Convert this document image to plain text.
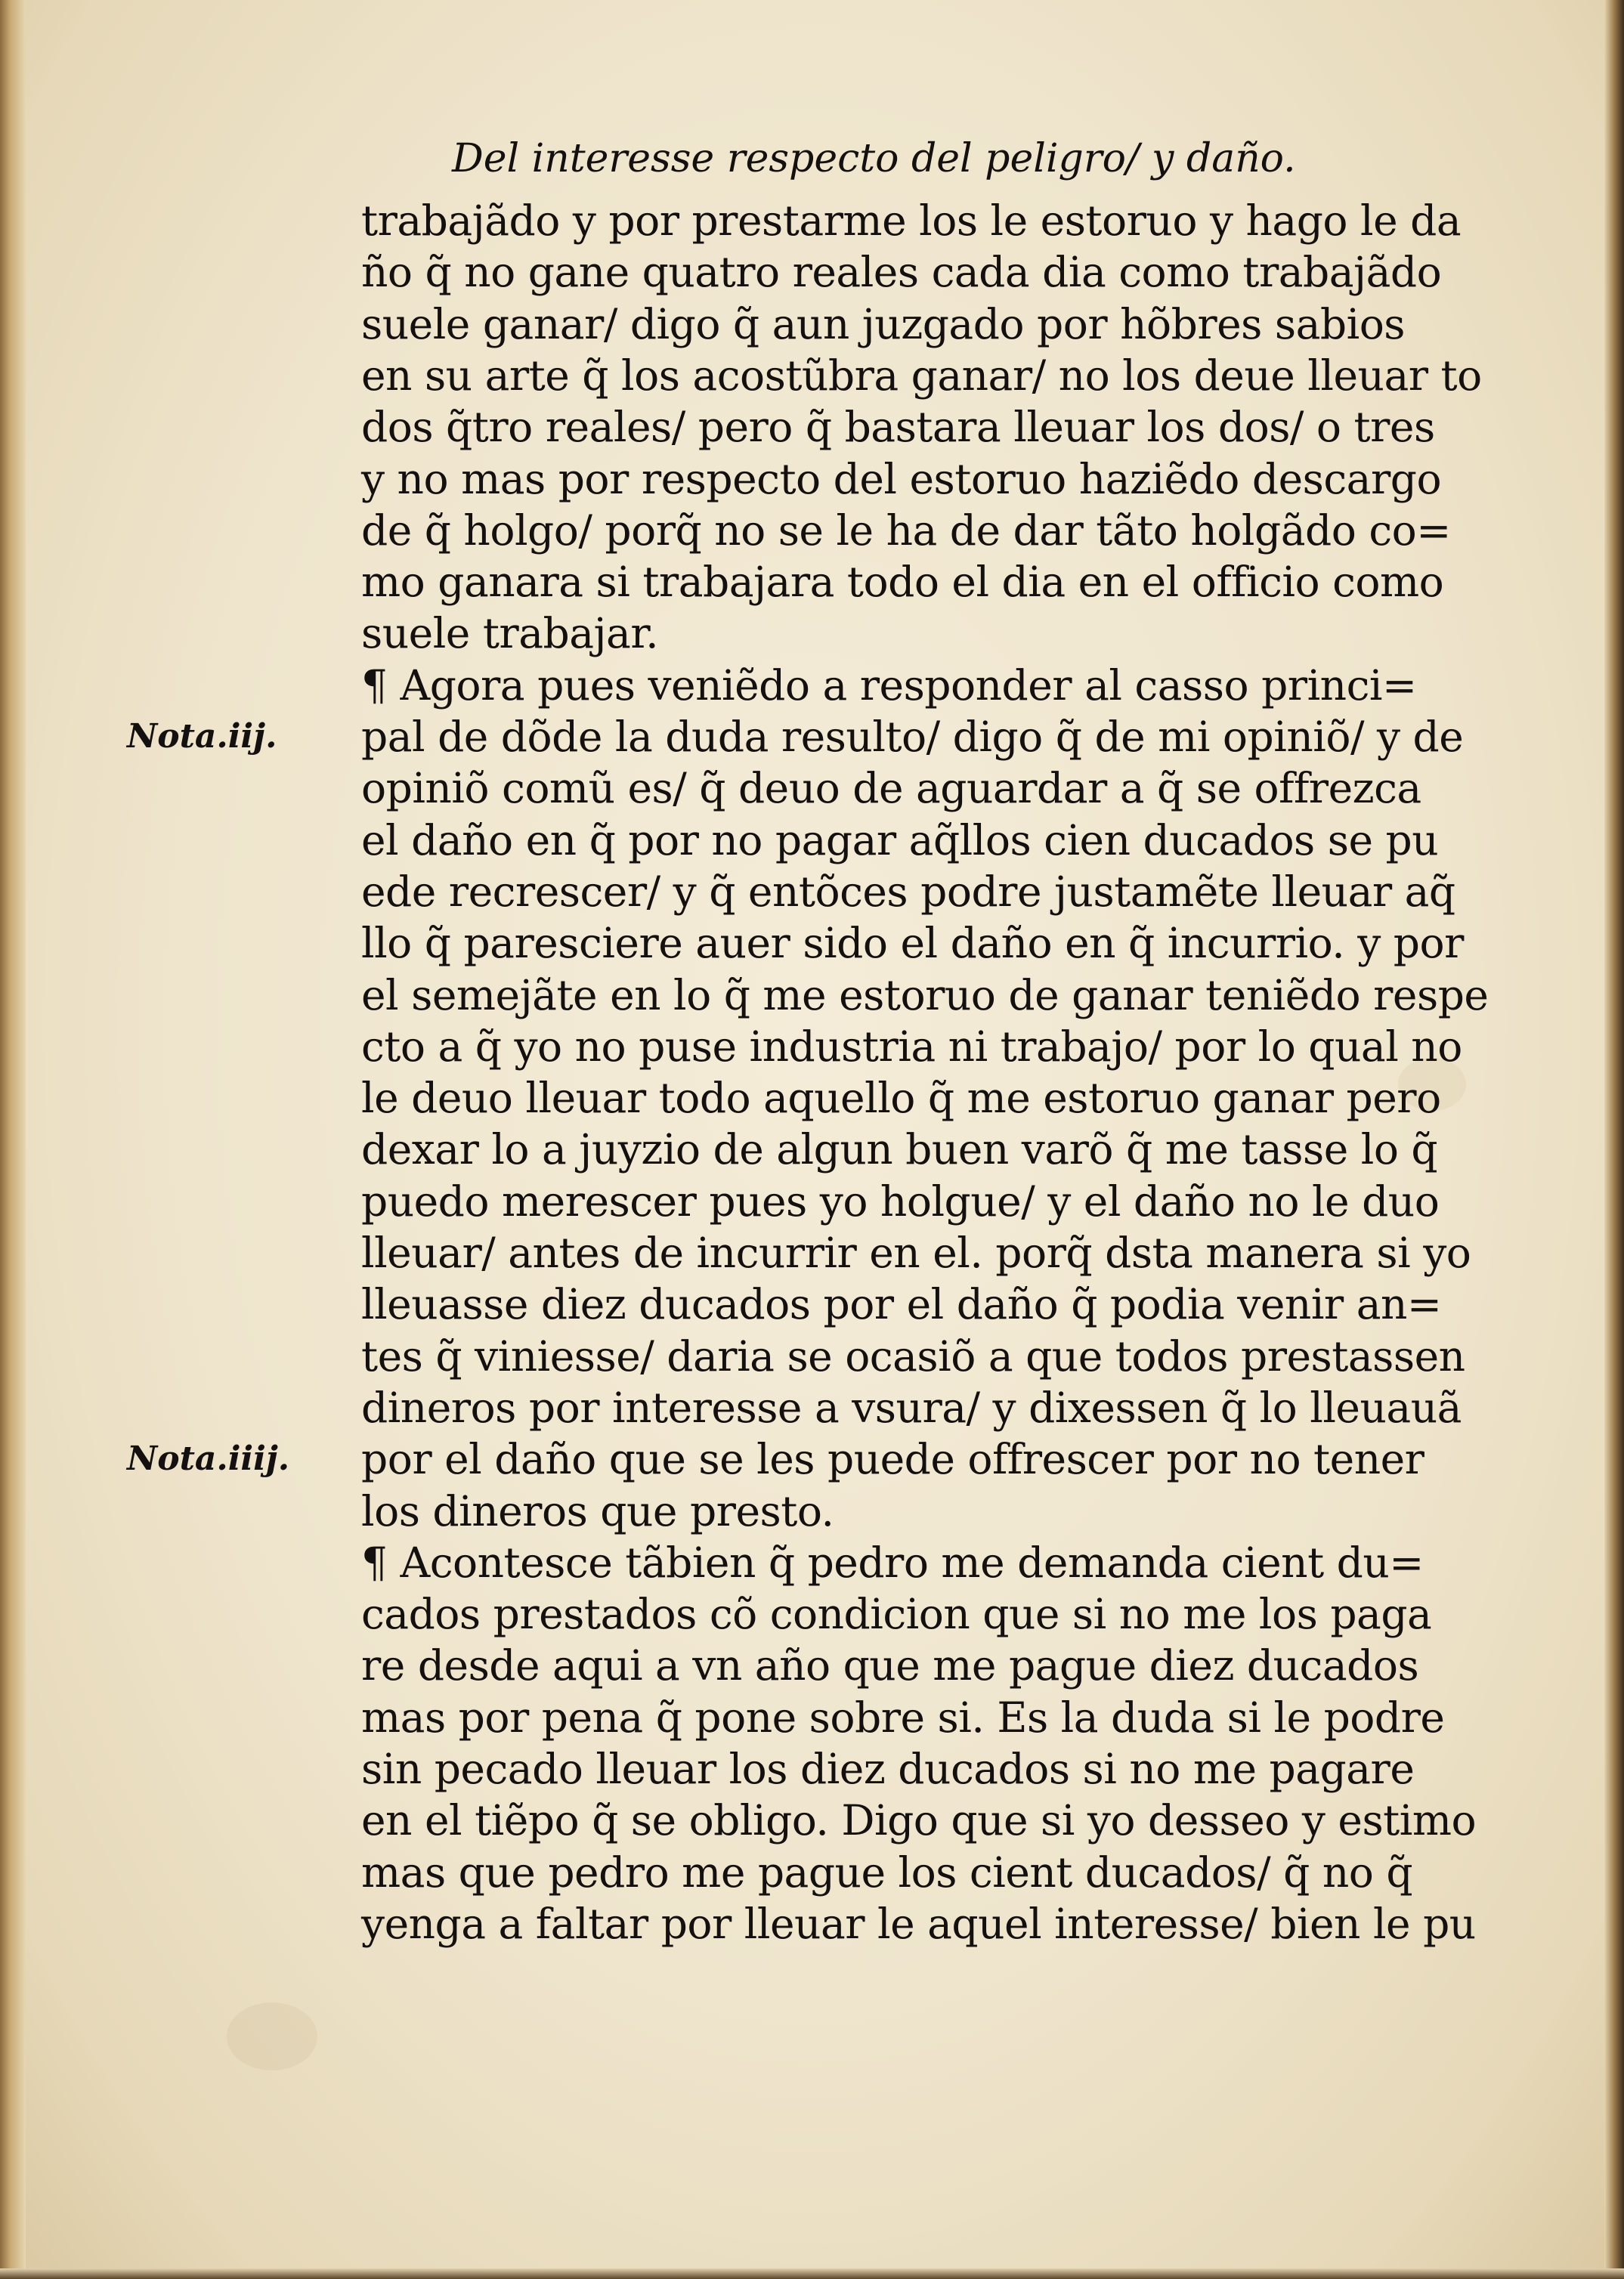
Del interesse respecto del peligro/ y daño.
trabajãdo y por prestarme los le estoruo y hago le da
ño q̃ no gane quatro reales cada dia como trabajãdo
suele ganar/ digo q̃ aun juzgado por hõbres sabios
en su arte q̃ los acostũbra ganar/ no los deue lleuar to
dos q̃tro reales/ pero q̃ bastara lleuar los dos/ o tres
y no mas por respecto del estoruo haziẽdo descargo
de q̃ holgo/ porq̃ no se le ha de dar tãto holgãdo co=
mo ganara si trabajara todo el dia en el officio como
suele trabajar.
¶ Agora pues veniẽdo a responder al casso princi=
pal de dõde la duda resulto/ digo q̃ de mi opiniõ/ y de
opiniõ comũ es/ q̃ deuo de aguardar a q̃ se offrezca
el daño en q̃ por no pagar aq̃llos cien ducados se pu
ede recrescer/ y q̃ entõces podre justamẽte lleuar aq̃
llo q̃ paresciere auer sido el daño en q̃ incurrio. y por
el semejãte en lo q̃ me estoruo de ganar teniẽdo respe
cto a q̃ yo no puse industria ni trabajo/ por lo qual no
le deuo lleuar todo aquello q̃ me estoruo ganar pero
dexar lo a juyzio de algun buen varõ q̃ me tasse lo q̃
puedo merescer pues yo holgue/ y el daño no le duo
lleuar/ antes de incurrir en el. porq̃ dsta manera si yo
lleuasse diez ducados por el daño q̃ podia venir an=
tes q̃ viniesse/ daria se ocasiõ a que todos prestassen
dineros por interesse a vsura/ y dixessen q̃ lo lleuauã
por el daño que se les puede offrescer por no tener
los dineros que presto.
¶ Acontesce tãbien q̃ pedro me demanda cient du=
cados prestados cõ condicion que si no me los paga
re desde aqui a vn año que me pague diez ducados
mas por pena q̃ pone sobre si. Es la duda si le podre
sin pecado lleuar los diez ducados si no me pagare
en el tiẽpo q̃ se obligo. Digo que si yo desseo y estimo
mas que pedro me pague los cient ducados/ q̃ no q̃
yenga a faltar por lleuar le aquel interesse/ bien le pu
Nota.iij.
Nota.iiij.
